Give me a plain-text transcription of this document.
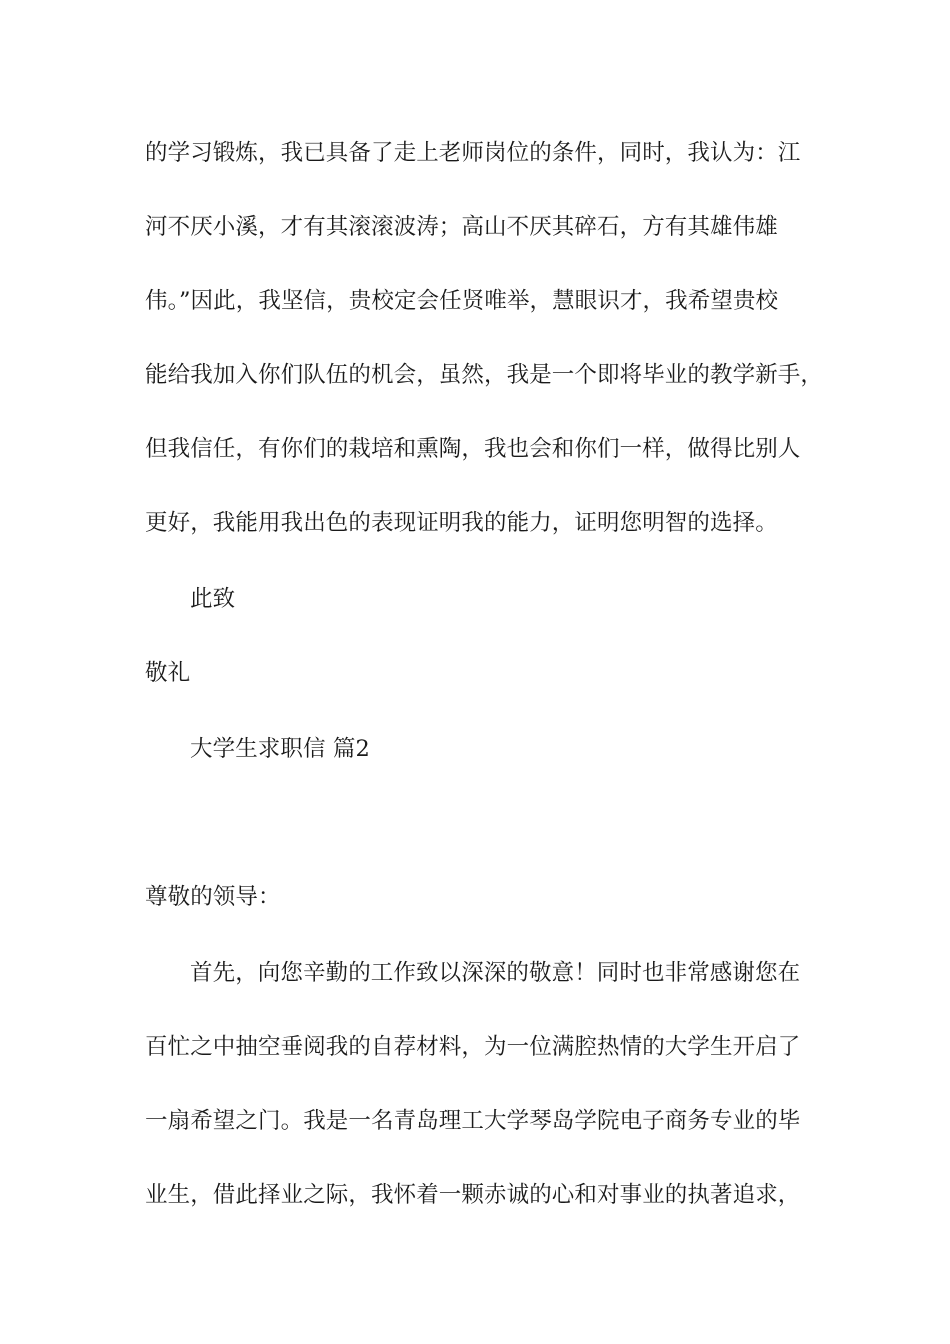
的学习锻炼，我已具备了走上老师岗位的条件，同时，我认为：江
河不厌小溪，才有其滚滚波涛；高山不厌其碎石，方有其雄伟雄
伟。”因此，我坚信，贵校定会任贤唯举，慧眼识才，我希望贵校
能给我加入你们队伍的机会，虽然，我是一个即将毕业的教学新手，
但我信任，有你们的栽培和熏陶，我也会和你们一样，做得比别人
更好，我能用我出色的表现证明我的能力，证明您明智的选择。
此致
敬礼
大学生求职信 篇2
尊敬的领导：
首先，向您辛勤的工作致以深深的敬意！同时也非常感谢您在
百忙之中抽空垂阅我的自荐材料，为一位满腔热情的大学生开启了
一扇希望之门。我是一名青岛理工大学琴岛学院电子商务专业的毕
业生，借此择业之际，我怀着一颗赤诚的心和对事业的执著追求，
